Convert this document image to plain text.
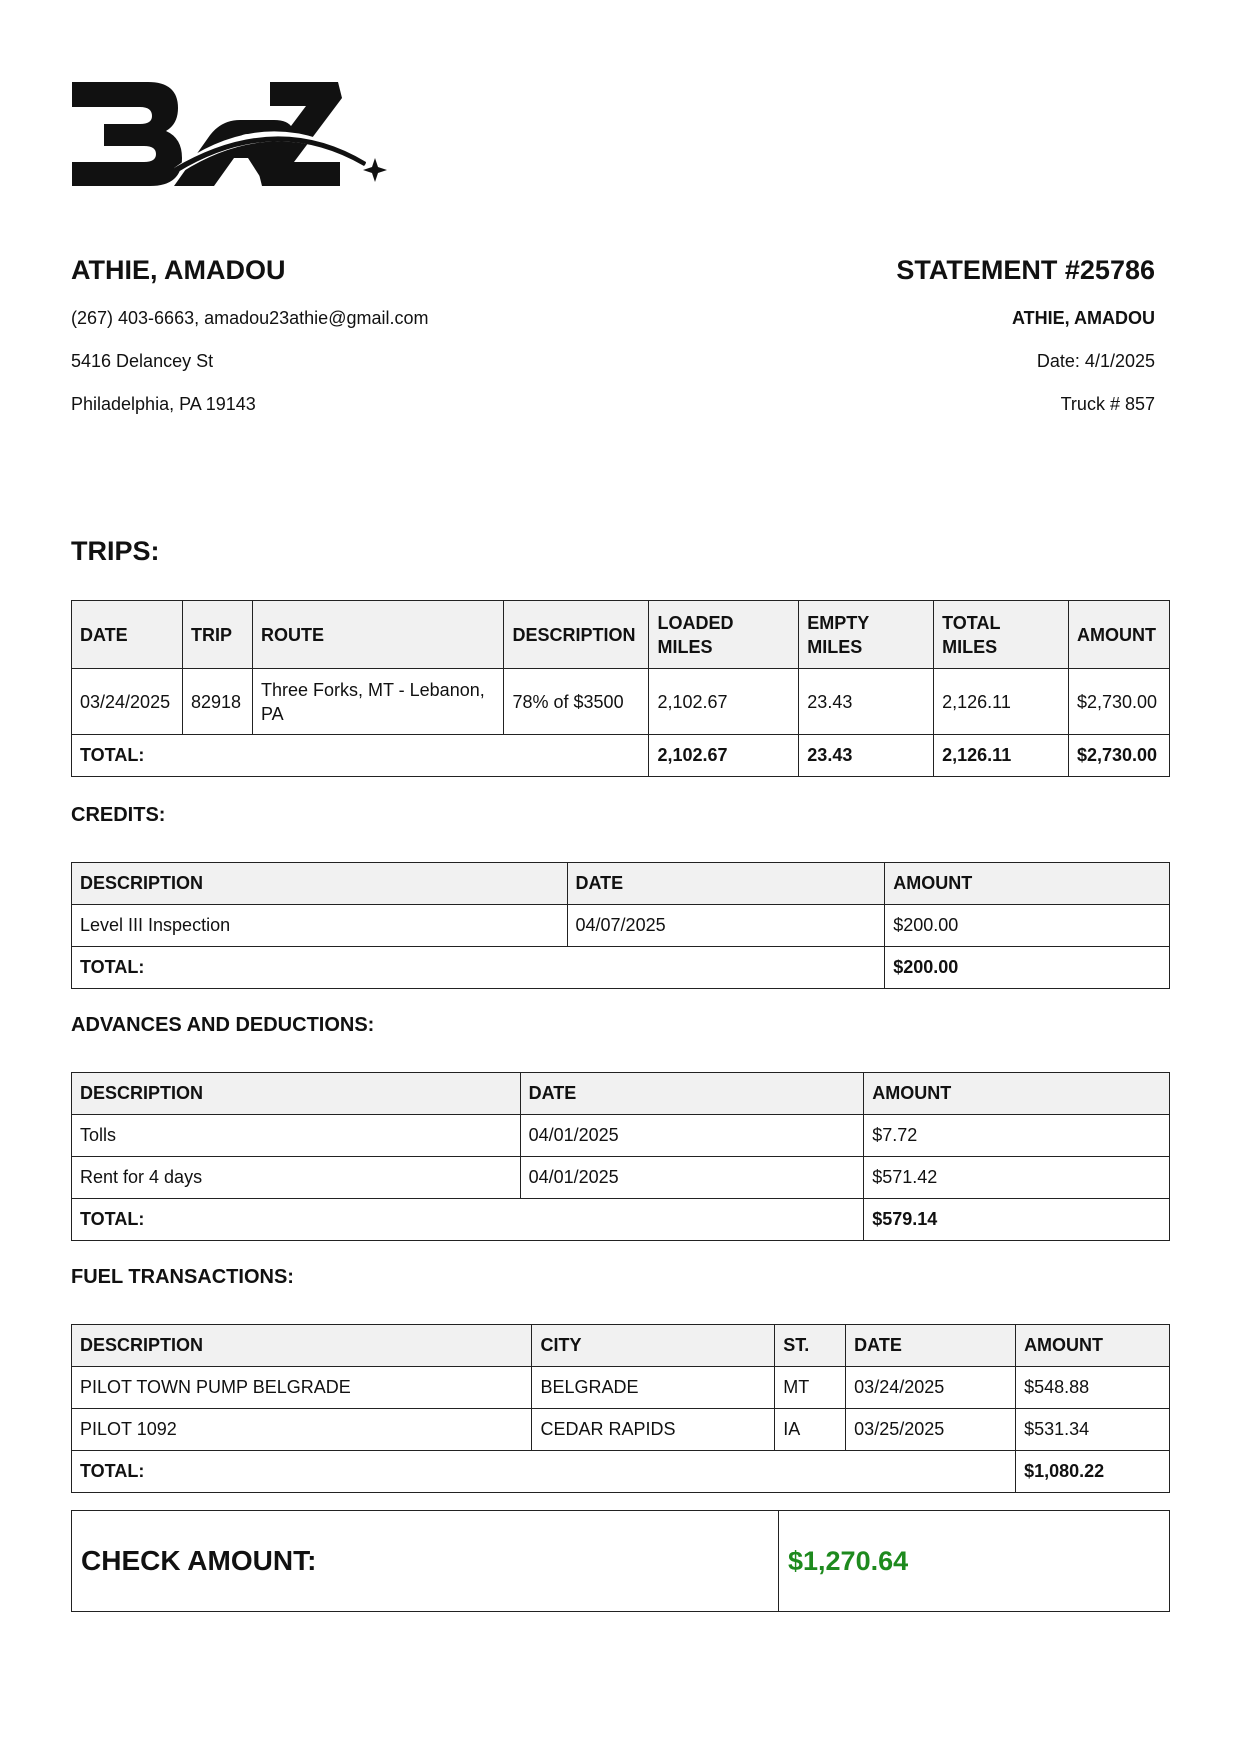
ATHIE, AMADOU
(267) 403-6663, amadou23athie@gmail.com
5416 Delancey St
Philadelphia, PA 19143
STATEMENT #25786
ATHIE, AMADOU
Date: 4/1/2025
Truck # 857
TRIPS:
DATE	TRIP	ROUTE	DESCRIPTION	LOADED MILES	EMPTY MILES	TOTAL MILES	AMOUNT
03/24/2025	82918	Three Forks, MT - Lebanon, PA	78% of $3500	2,102.67	23.43	2,126.11	$2,730.00
TOTAL:				2,102.67	23.43	2,126.11	$2,730.00
CREDITS:
DESCRIPTION	DATE	AMOUNT
Level III Inspection	04/07/2025	$200.00
TOTAL:		$200.00
ADVANCES AND DEDUCTIONS:
DESCRIPTION	DATE	AMOUNT
Tolls	04/01/2025	$7.72
Rent for 4 days	04/01/2025	$571.42
TOTAL:		$579.14
FUEL TRANSACTIONS:
DESCRIPTION	CITY	ST.	DATE	AMOUNT
PILOT TOWN PUMP BELGRADE	BELGRADE	MT	03/24/2025	$548.88
PILOT 1092	CEDAR RAPIDS	IA	03/25/2025	$531.34
TOTAL:				$1,080.22
CHECK AMOUNT:	$1,270.64
